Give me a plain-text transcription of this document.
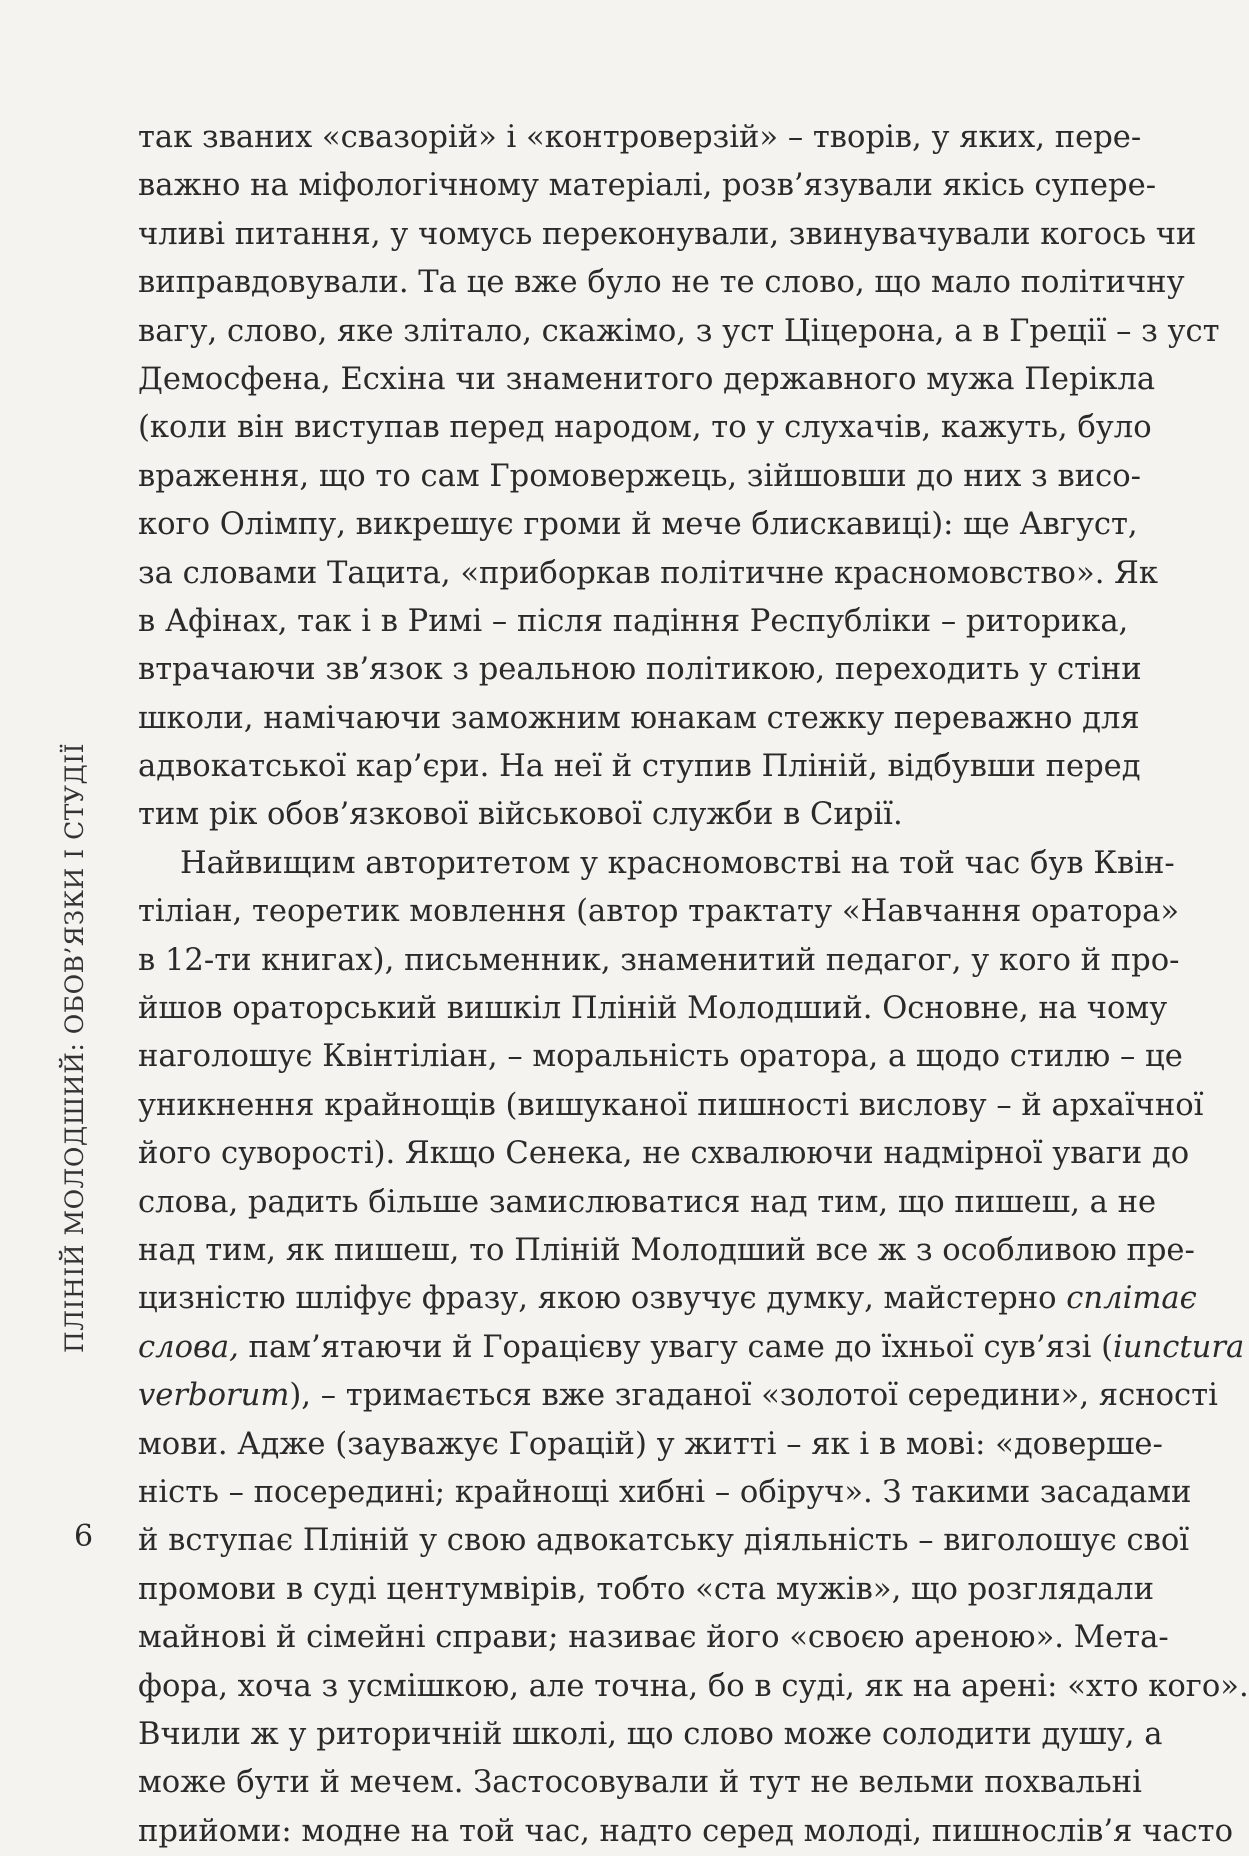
ПЛІНІЙ МОЛОДШИЙ: ОБОВ’ЯЗКИ І СТУДІЇ
так званих «свазорій» і «контроверзій» – творів, у яких, пере-
важно на міфологічному матеріалі, розв’язували якісь супере-
чливі питання, у чомусь переконували, звинувачували когось чи
виправдовували. Та це вже було не те слово, що мало політичну
вагу, слово, яке злітало, скажімо, з уст Ціцерона, а в Греції – з уст
Демосфена, Есхіна чи знаменитого державного мужа Перікла
(коли він виступав перед народом, то у слухачів, кажуть, було
враження, що то сам Громовержець, зійшовши до них з висо-
кого Олімпу, викрешує громи й мече блискавиці): ще Август,
за словами Тацита, «приборкав політичне красномовство». Як
в Афінах, так і в Римі – після падіння Республіки – риторика,
втрачаючи зв’язок з реальною політикою, переходить у стіни
школи, намічаючи заможним юнакам стежку переважно для
адвокатської кар’єри. На неї й ступив Пліній, відбувши перед
тим рік обов’язкової військової служби в Сирії.
Найвищим авторитетом у красномовстві на той час був Квін-
тіліан, теоретик мовлення (автор трактату «Навчання оратора»
в 12-ти книгах), письменник, знаменитий педагог, у кого й про-
йшов ораторський вишкіл Пліній Молодший. Основне, на чому
наголошує Квінтіліан, – моральність оратора, а щодо стилю – це
уникнення крайнощів (вишуканої пишності вислову – й архаїчної
його суворості). Якщо Сенека, не схвалюючи надмірної уваги до
слова, радить більше замислюватися над тим, що пишеш, а не
над тим, як пишеш, то Пліній Молодший все ж з особливою пре-
цизністю шліфує фразу, якою озвучує думку, майстерно сплітає
слова, пам’ятаючи й Горацієву увагу саме до їхньої сув’язі (iunctura
verborum), – тримається вже згаданої «золотої середини», ясності
мови. Адже (зауважує Горацій) у житті – як і в мові: «доверше-
ність – посередині; крайнощі хибні – обіруч». З такими засадами
й вступає Пліній у свою адвокатську діяльність – виголошує свої
промови в суді центумвірів, тобто «ста мужів», що розглядали
майнові й сімейні справи; називає його «своєю ареною». Мета-
фора, хоча з усмішкою, але точна, бо в суді, як на арені: «хто кого».
Вчили ж у риторичній школі, що слово може солодити душу, а
може бути й мечем. Застосовували й тут не вельми похвальні
прийоми: модне на той час, надто серед молоді, пишнослів’я часто
6
